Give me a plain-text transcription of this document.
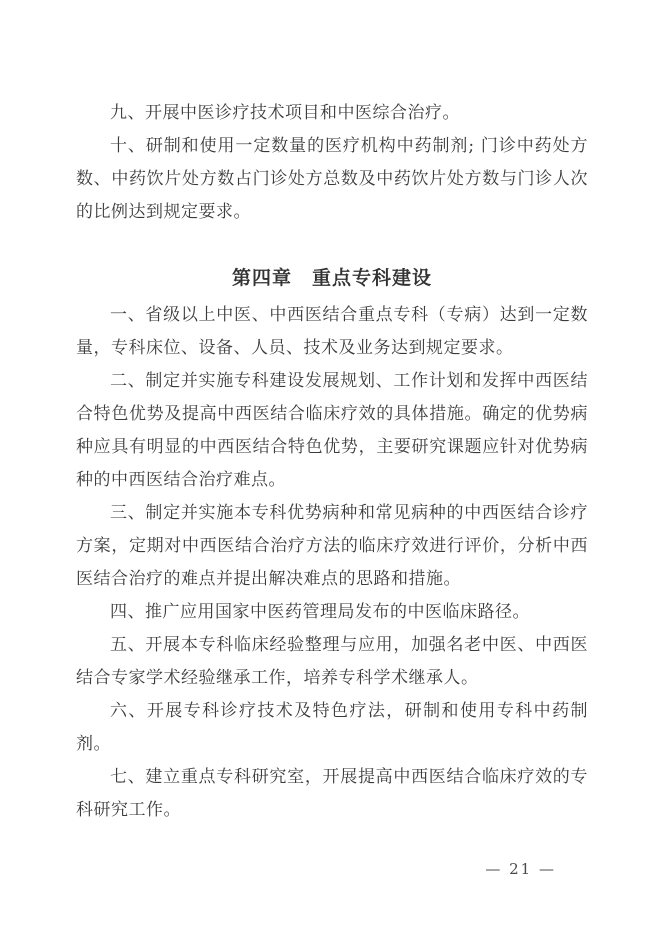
九、开展中医诊疗技术项目和中医综合治疗。

十、研制和使用一定数量的医疗机构中药制剂; 门诊中药处方数、中药饮片处方数占门诊处方总数及中药饮片处方数与门诊人次的比例达到规定要求。

第四章　重点专科建设

一、省级以上中医、中西医结合重点专科（专病）达到一定数量，专科床位、设备、人员、技术及业务达到规定要求。

二、制定并实施专科建设发展规划、工作计划和发挥中西医结合特色优势及提高中西医结合临床疗效的具体措施。确定的优势病种应具有明显的中西医结合特色优势，主要研究课题应针对优势病种的中西医结合治疗难点。

三、制定并实施本专科优势病种和常见病种的中西医结合诊疗方案，定期对中西医结合治疗方法的临床疗效进行评价，分析中西医结合治疗的难点并提出解决难点的思路和措施。

四、推广应用国家中医药管理局发布的中医临床路径。

五、开展本专科临床经验整理与应用，加强名老中医、中西医结合专家学术经验继承工作，培养专科学术继承人。

六、开展专科诊疗技术及特色疗法，研制和使用专科中药制剂。

七、建立重点专科研究室，开展提高中西医结合临床疗效的专科研究工作。

— 21 —
